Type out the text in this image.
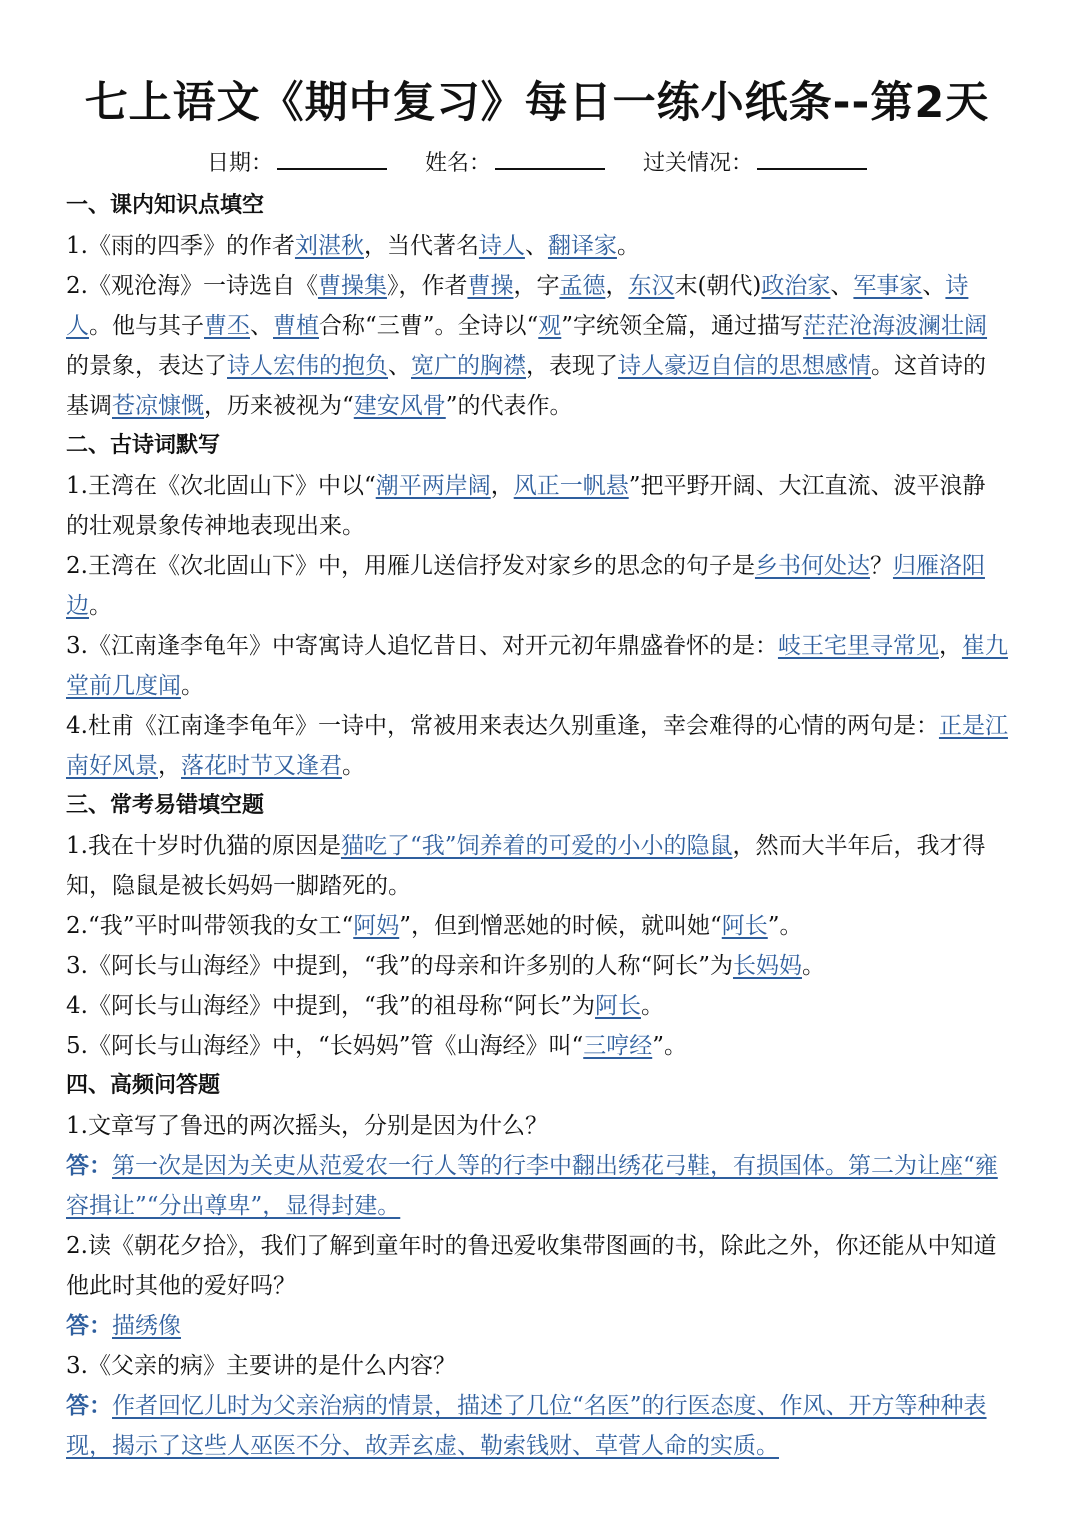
七上语文《期中复习》每日一练小纸条--第2天
日期：	姓名：	过关情况：

一、课内知识点填空

1.《雨的四季》的作者刘湛秋，当代著名诗人、翻译家。

2.《观沧海》一诗选自《曹操集》，作者曹操，字孟德，东汉末(朝代)政治家、军事家、诗人。他与其子曹丕、曹植合称“三曹”。全诗以“观”字统领全篇，通过描写茫茫沧海波澜壮阔的景象，表达了诗人宏伟的抱负、宽广的胸襟，表现了诗人豪迈自信的思想感情。这首诗的基调苍凉慷慨，历来被视为“建安风骨”的代表作。

二、古诗词默写

1.王湾在《次北固山下》中以“潮平两岸阔，风正一帆悬”把平野开阔、大江直流、波平浪静的壮观景象传神地表现出来。

2.王湾在《次北固山下》中，用雁儿送信抒发对家乡的思念的句子是乡书何处达？归雁洛阳边。

3.《江南逢李龟年》中寄寓诗人追忆昔日、对开元初年鼎盛眷怀的是：岐王宅里寻常见，崔九堂前几度闻。

4.杜甫《江南逢李龟年》一诗中，常被用来表达久别重逢，幸会难得的心情的两句是：正是江南好风景，落花时节又逢君。

三、常考易错填空题

1.我在十岁时仇猫的原因是猫吃了“我”饲养着的可爱的小小的隐鼠，然而大半年后，我才得知，隐鼠是被长妈妈一脚踏死的。

2.“我”平时叫带领我的女工“阿妈”，但到憎恶她的时候，就叫她“阿长”。

3.《阿长与山海经》中提到，“我”的母亲和许多别的人称“阿长”为长妈妈。

4.《阿长与山海经》中提到，“我”的祖母称“阿长”为阿长。

5.《阿长与山海经》中，“长妈妈”管《山海经》叫“三哼经”。

四、高频问答题

1.文章写了鲁迅的两次摇头，分别是因为什么？

答：第一次是因为关吏从范爱农一行人等的行李中翻出绣花弓鞋，有损国体。第二为让座“雍容揖让”“分出尊卑”，显得封建。

2.读《朝花夕拾》，我们了解到童年时的鲁迅爱收集带图画的书，除此之外，你还能从中知道他此时其他的爱好吗？

答：描绣像

3.《父亲的病》主要讲的是什么内容？

答：作者回忆儿时为父亲治病的情景，描述了几位“名医”的行医态度、作风、开方等种种表现，揭示了这些人巫医不分、故弄玄虚、勒索钱财、草菅人命的实质。
